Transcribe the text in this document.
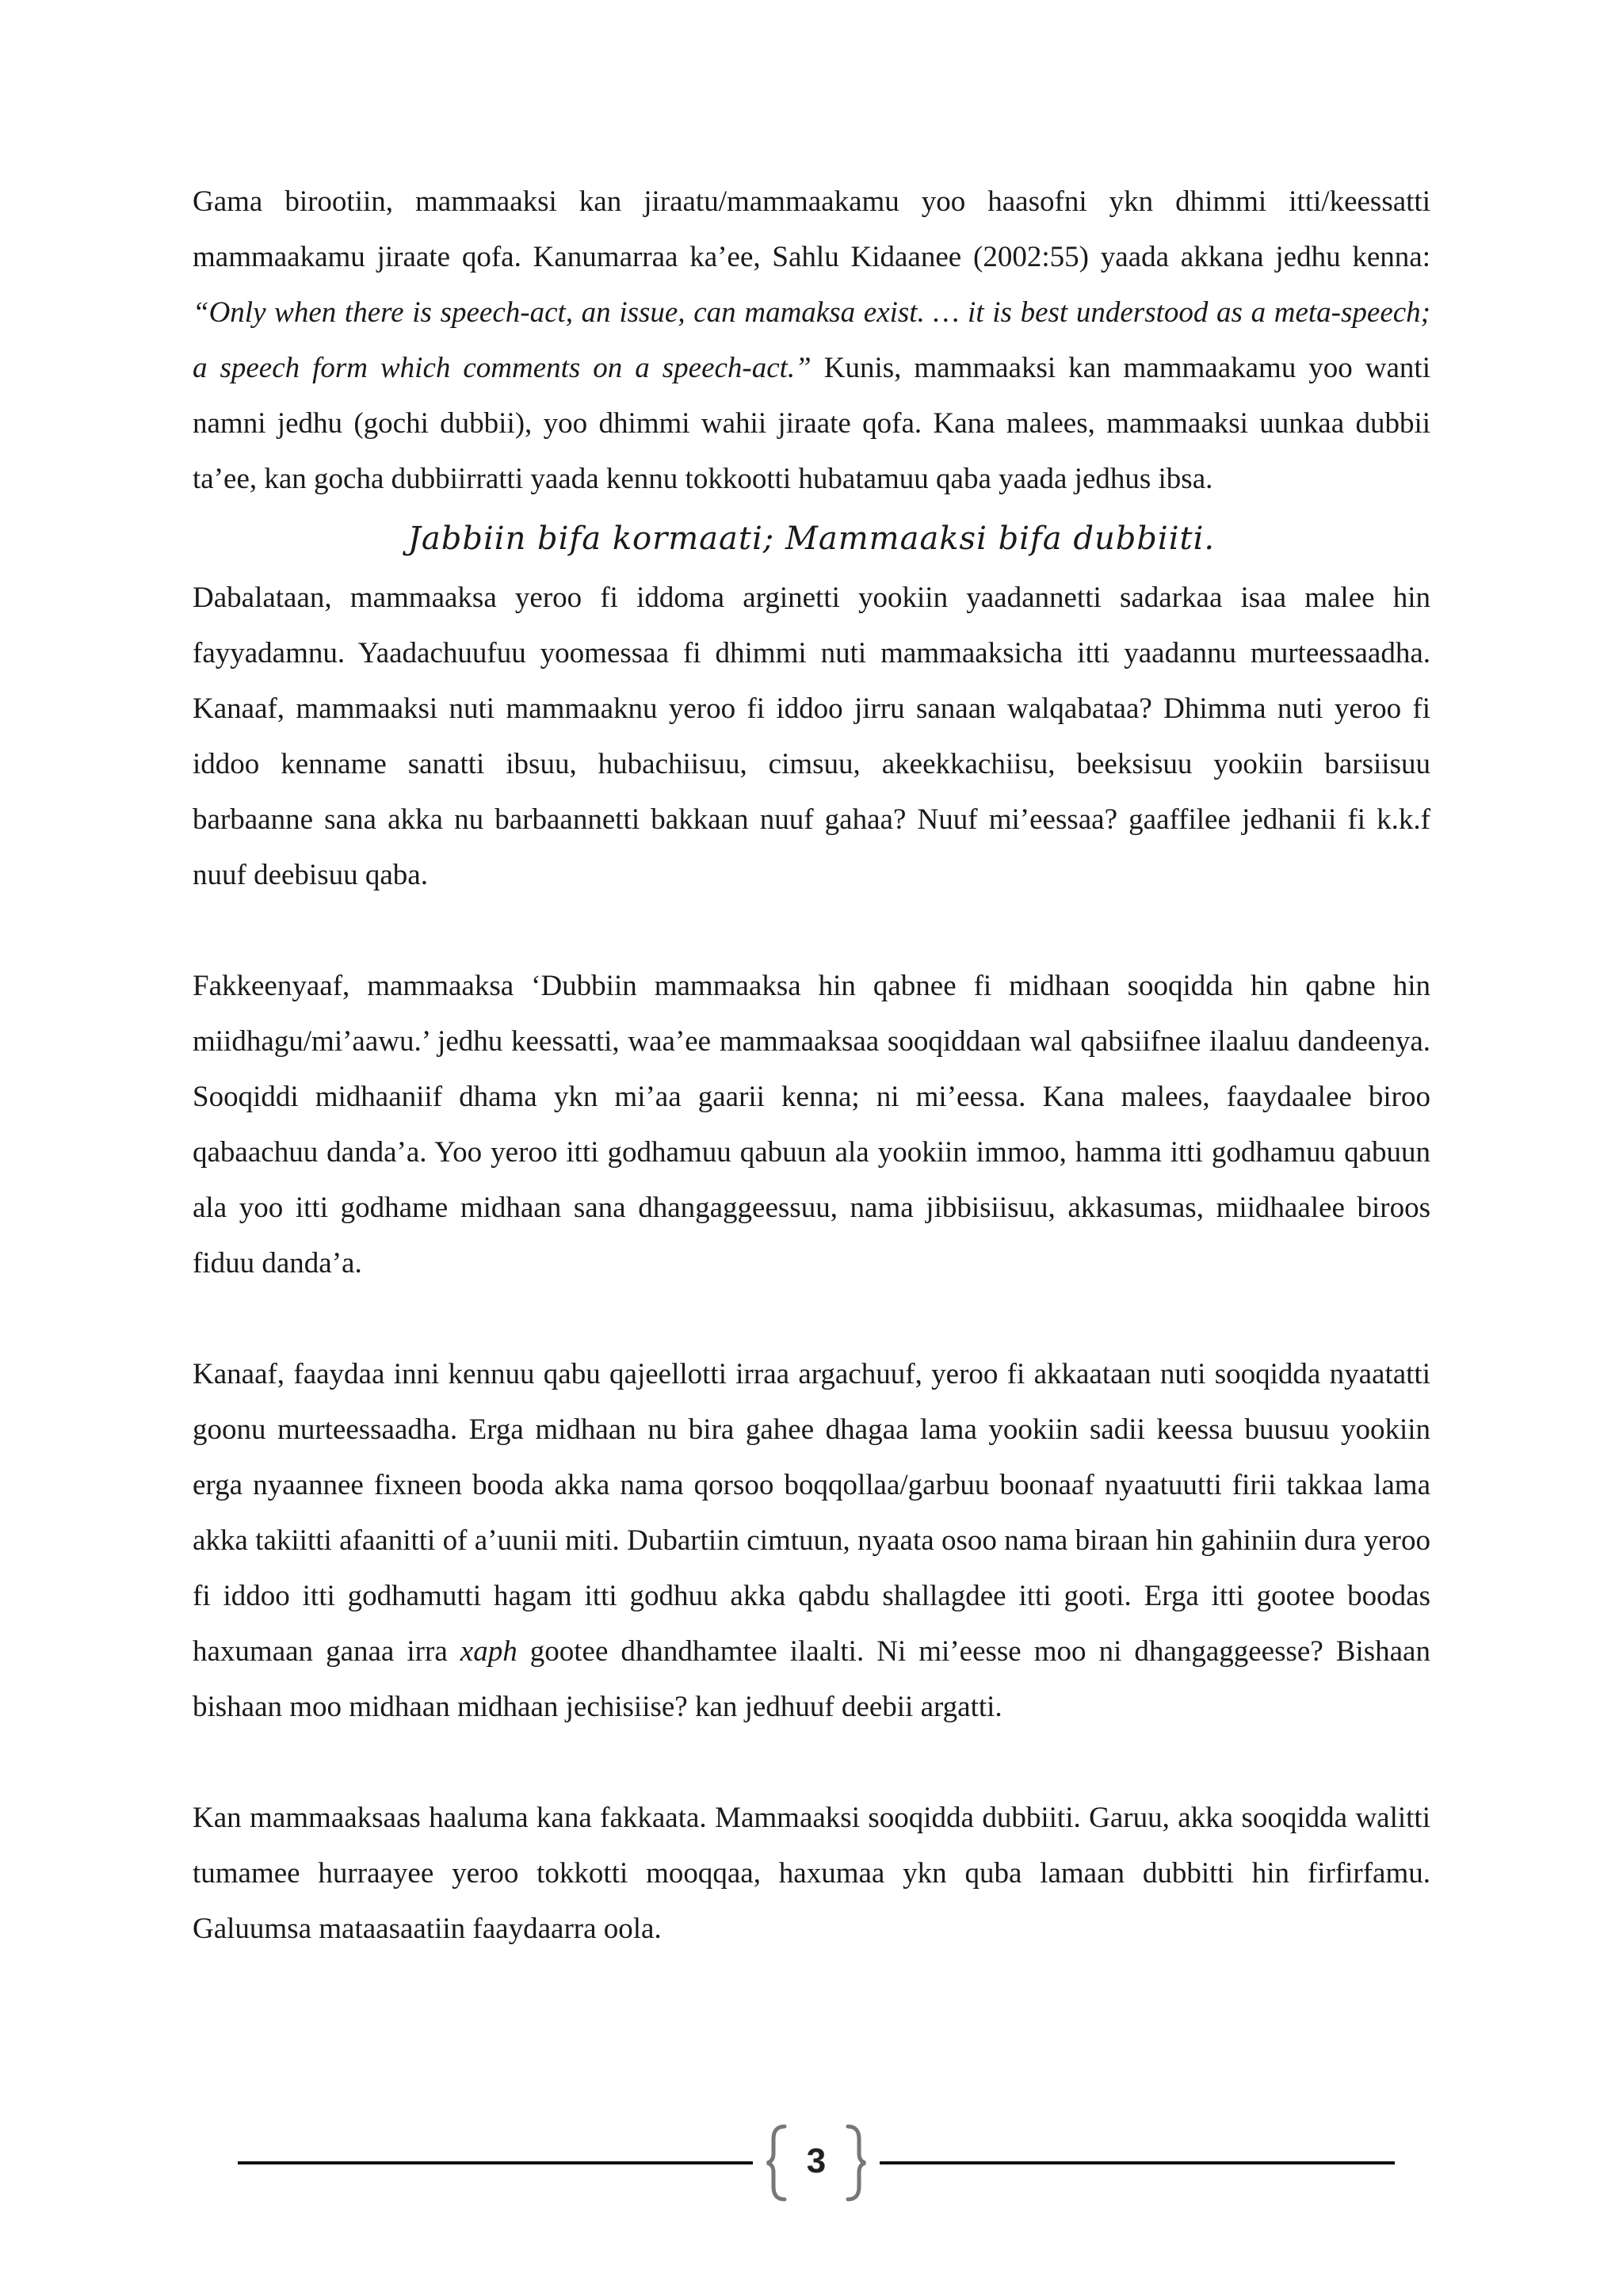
Gama birootiin, mammaaksi kan jiraatu/mammaakamu yoo haasofni ykn dhimmi itti/keessatti mammaakamu jiraate qofa. Kanumarraa ka’ee, Sahlu Kidaanee (2002:55) yaada akkana jedhu kenna: “Only when there is speech-act, an issue, can mamaksa exist. … it is best understood as a meta-speech; a speech form which comments on a speech-act.” Kunis, mammaaksi kan mammaakamu yoo wanti namni jedhu (gochi dubbii), yoo dhimmi wahii jiraate qofa. Kana malees, mammaaksi uunkaa dubbii ta’ee, kan gocha dubbiirratti yaada kennu tokkootti hubatamuu qaba yaada jedhus ibsa.

Jabbiin bifa kormaati; Mammaaksi bifa dubbiiti.

Dabalataan, mammaaksa yeroo fi iddoma arginetti yookiin yaadannetti sadarkaa isaa malee hin fayyadamnu. Yaadachuufuu yoomessaa fi dhimmi nuti mammaaksicha itti yaadannu murteessaadha. Kanaaf, mammaaksi nuti mammaaknu yeroo fi iddoo jirru sanaan walqabataa? Dhimma nuti yeroo fi iddoo kenname sanatti ibsuu, hubachiisuu, cimsuu, akeekkachiisu, beeksisuu yookiin barsiisuu barbaanne sana akka nu barbaannetti bakkaan nuuf gahaa? Nuuf mi’eessaa? gaaffilee jedhanii fi k.k.f nuuf deebisuu qaba.

Fakkeenyaaf, mammaaksa ‘Dubbiin mammaaksa hin qabnee fi midhaan sooqidda hin qabne hin miidhagu/mi’aawu.’ jedhu keessatti, waa’ee mammaaksaa sooqiddaan wal qabsiifnee ilaaluu dandeenya. Sooqiddi midhaaniif dhama ykn mi’aa gaarii kenna; ni mi’eessa. Kana malees, faaydaalee biroo qabaachuu danda’a. Yoo yeroo itti godhamuu qabuun ala yookiin immoo, hamma itti godhamuu qabuun ala yoo itti godhame midhaan sana dhangaggeessuu, nama jibbisiisuu, akkasumas, miidhaalee biroos fiduu danda’a.

Kanaaf, faaydaa inni kennuu qabu qajeellotti irraa argachuuf, yeroo fi akkaataan nuti sooqidda nyaatatti goonu murteessaadha. Erga midhaan nu bira gahee dhagaa lama yookiin sadii keessa buusuu yookiin erga nyaannee fixneen booda akka nama qorsoo boqqollaa/garbuu boonaaf nyaatuutti firii takkaa lama akka takiitti afaanitti of a’uunii miti. Dubartiin cimtuun, nyaata osoo nama biraan hin gahiniin dura yeroo fi iddoo itti godhamutti hagam itti godhuu akka qabdu shallagdee itti gooti. Erga itti gootee boodas haxumaan ganaa irra xaph gootee dhandhamtee ilaalti. Ni mi’eesse moo ni dhangaggeesse? Bishaan bishaan moo midhaan midhaan jechisiise? kan jedhuuf deebii argatti.

Kan mammaaksaas haaluma kana fakkaata. Mammaaksi sooqidda dubbiiti. Garuu, akka sooqidda walitti tumamee hurraayee yeroo tokkotti mooqqaa, haxumaa ykn quba lamaan dubbitti hin firfirfamu. Galuumsa mataasaatiin faaydaarra oola.

3
